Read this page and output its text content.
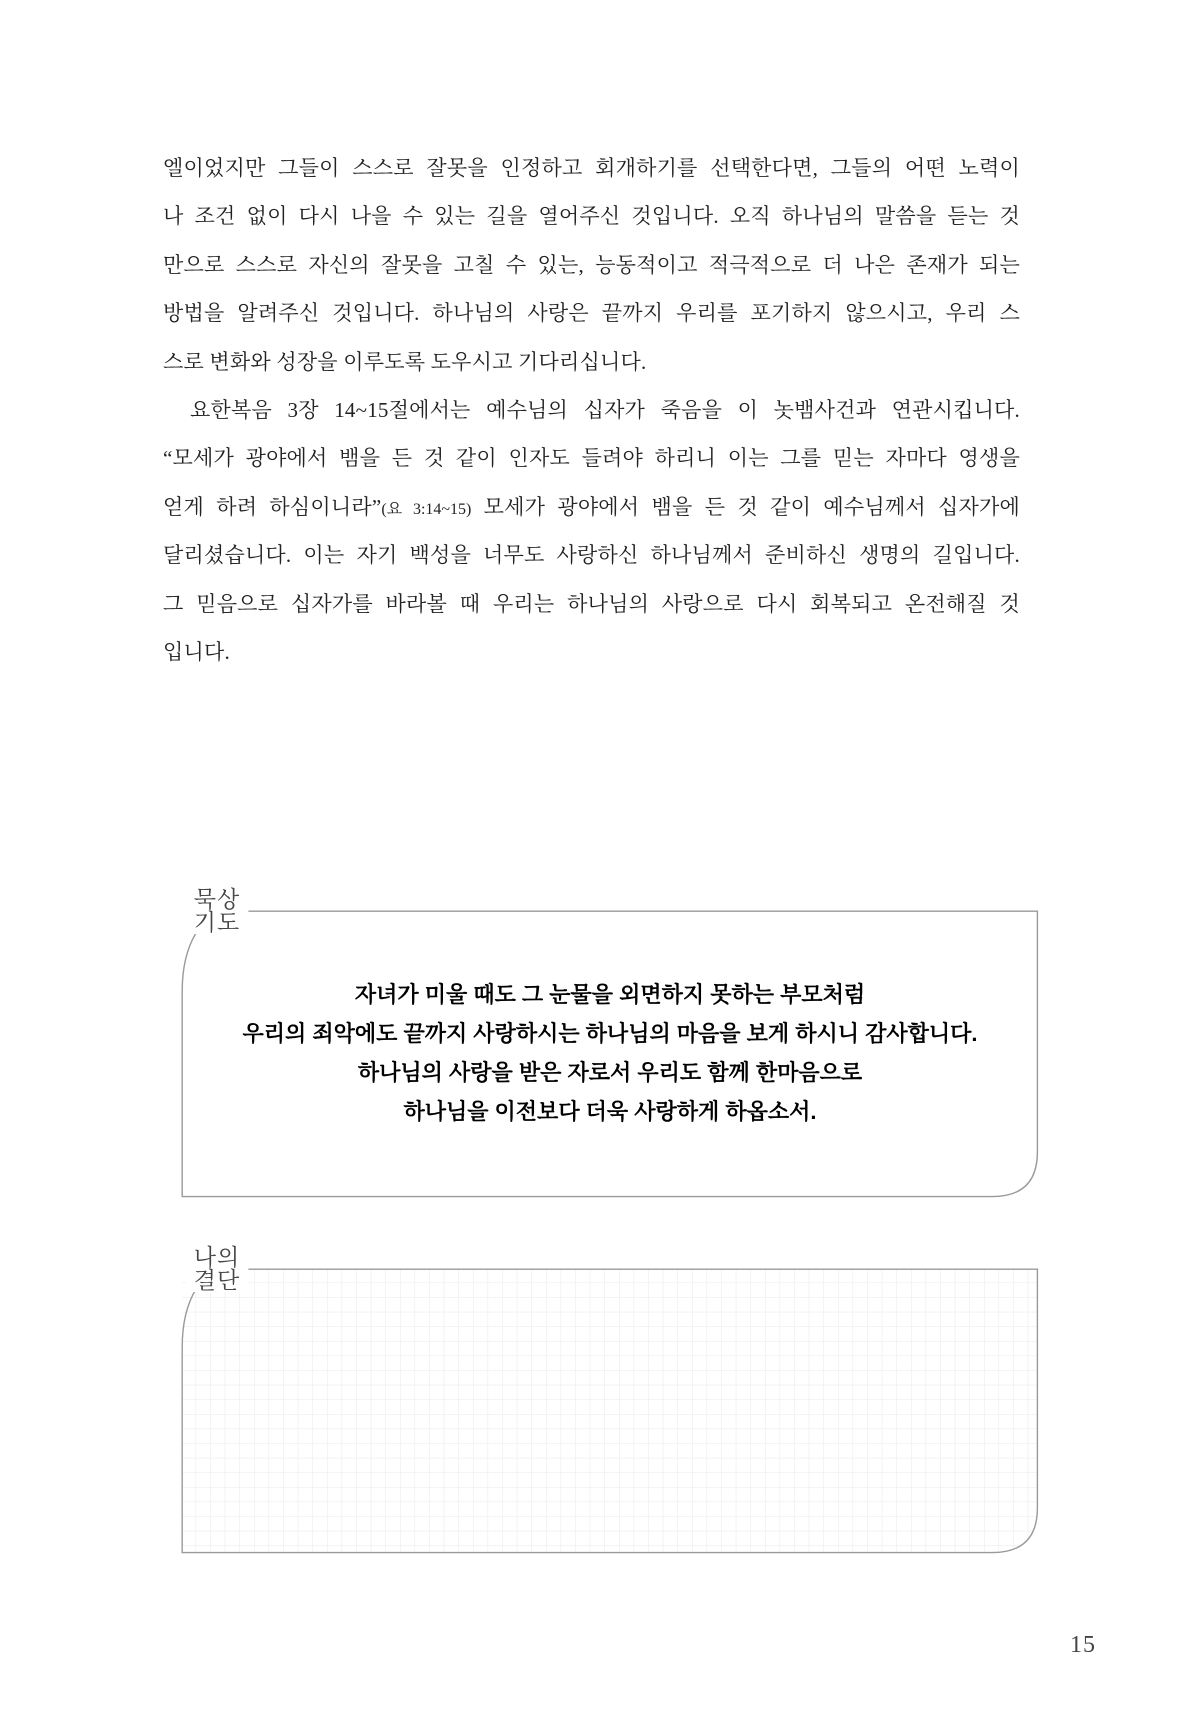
엘이었지만 그들이 스스로 잘못을 인정하고 회개하기를 선택한다면, 그들의 어떤 노력이
나 조건 없이 다시 나을 수 있는 길을 열어주신 것입니다. 오직 하나님의 말씀을 듣는 것
만으로 스스로 자신의 잘못을 고칠 수 있는, 능동적이고 적극적으로 더 나은 존재가 되는
방법을 알려주신 것입니다. 하나님의 사랑은 끝까지 우리를 포기하지 않으시고, 우리 스
스로 변화와 성장을 이루도록 도우시고 기다리십니다.
요한복음 3장 14~15절에서는 예수님의 십자가 죽음을 이 놋뱀사건과 연관시킵니다.
“모세가 광야에서 뱀을 든 것 같이 인자도 들려야 하리니 이는 그를 믿는 자마다 영생을
얻게 하려 하심이니라”(요 3:14~15) 모세가 광야에서 뱀을 든 것 같이 예수님께서 십자가에
달리셨습니다. 이는 자기 백성을 너무도 사랑하신 하나님께서 준비하신 생명의 길입니다.
그 믿음으로 십자가를 바라볼 때 우리는 하나님의 사랑으로 다시 회복되고 온전해질 것
입니다.
묵상
기도
자녀가 미울 때도 그 눈물을 외면하지 못하는 부모처럼
우리의 죄악에도 끝까지 사랑하시는 하나님의 마음을 보게 하시니 감사합니다.
하나님의 사랑을 받은 자로서 우리도 함께 한마음으로
하나님을 이전보다 더욱 사랑하게 하옵소서.
나의
결단
15
